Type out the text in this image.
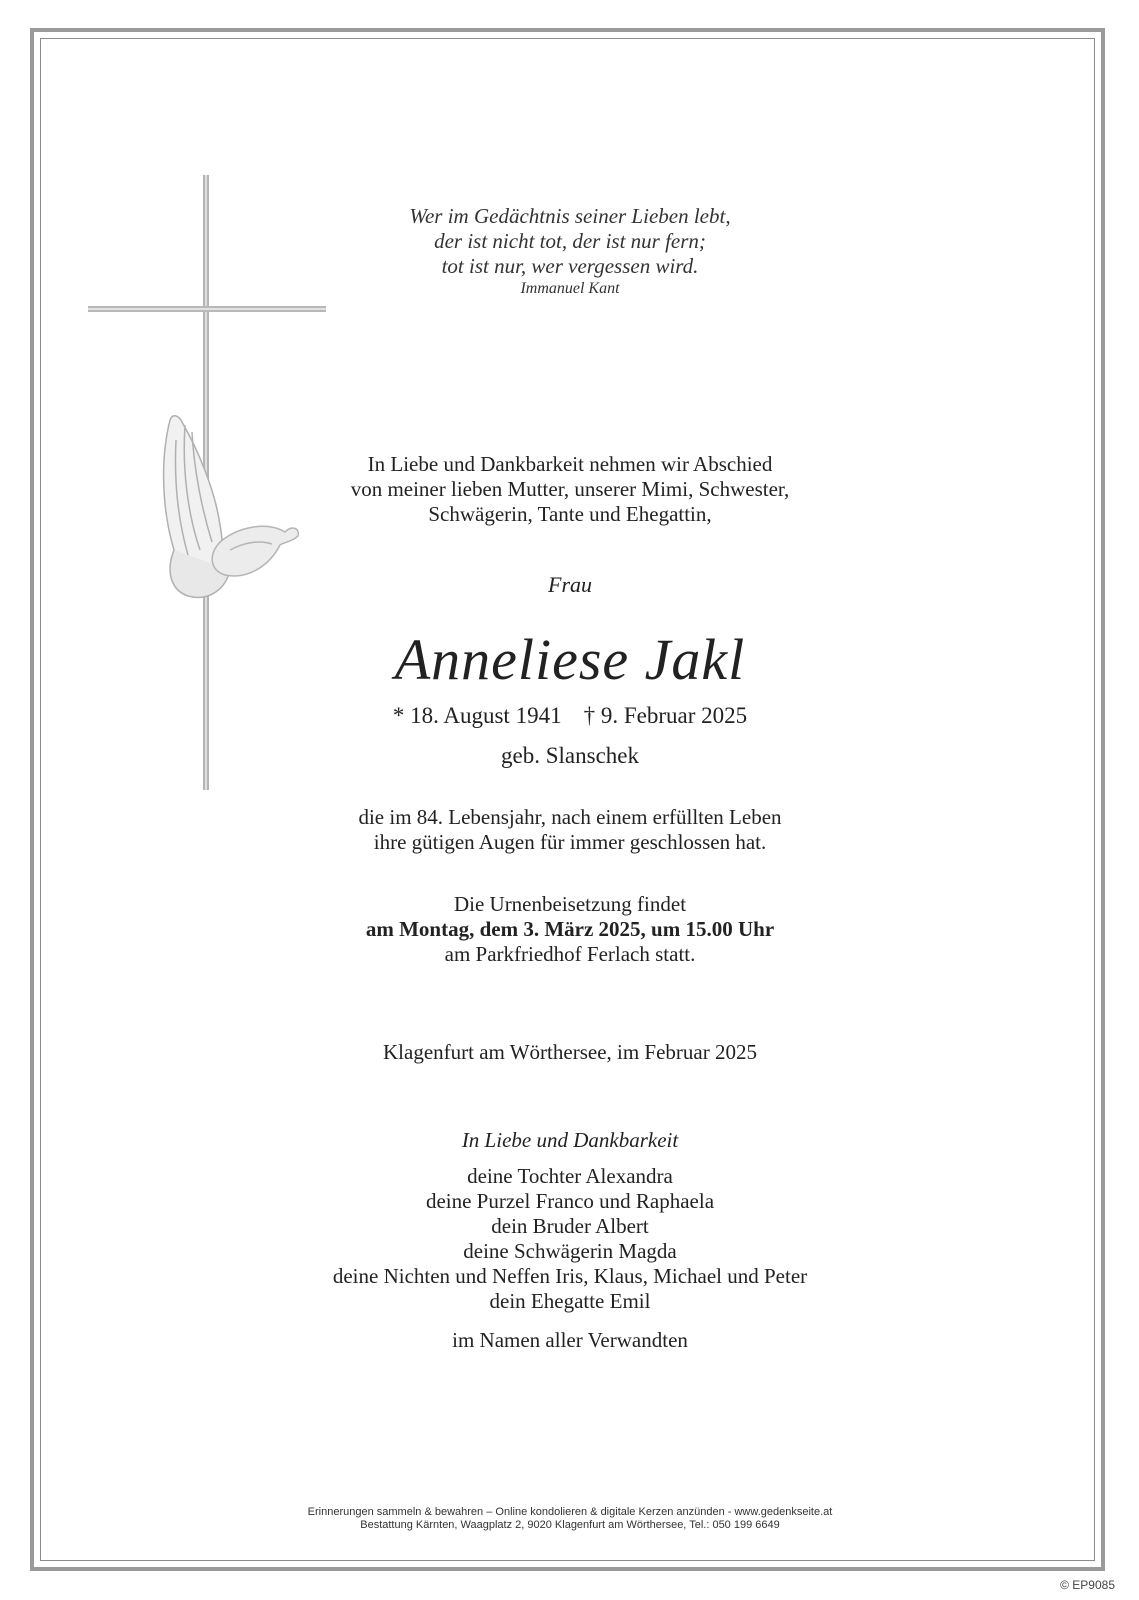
Wer im Gedächtnis seiner Lieben lebt,
der ist nicht tot, der ist nur fern;
tot ist nur, wer vergessen wird.
Immanuel Kant
In Liebe und Dankbarkeit nehmen wir Abschied
von meiner lieben Mutter, unserer Mimi, Schwester,
Schwägerin, Tante und Ehegattin,
Frau
Anneliese Jakl
* 18. August 1941 † 9. Februar 2025
geb. Slanschek
die im 84. Lebensjahr, nach einem erfüllten Leben
ihre gütigen Augen für immer geschlossen hat.
Die Urnenbeisetzung findet
am Montag, dem 3. März 2025, um 15.00 Uhr
am Parkfriedhof Ferlach statt.
Klagenfurt am Wörthersee, im Februar 2025
In Liebe und Dankbarkeit
deine Tochter Alexandra
deine Purzel Franco und Raphaela
dein Bruder Albert
deine Schwägerin Magda
deine Nichten und Neffen Iris, Klaus, Michael und Peter
dein Ehegatte Emil
im Namen aller Verwandten
Erinnerungen sammeln & bewahren – Online kondolieren & digitale Kerzen anzünden - www.gedenkseite.at
Bestattung Kärnten, Waagplatz 2, 9020 Klagenfurt am Wörthersee, Tel.: 050 199 6649
© EP9085
